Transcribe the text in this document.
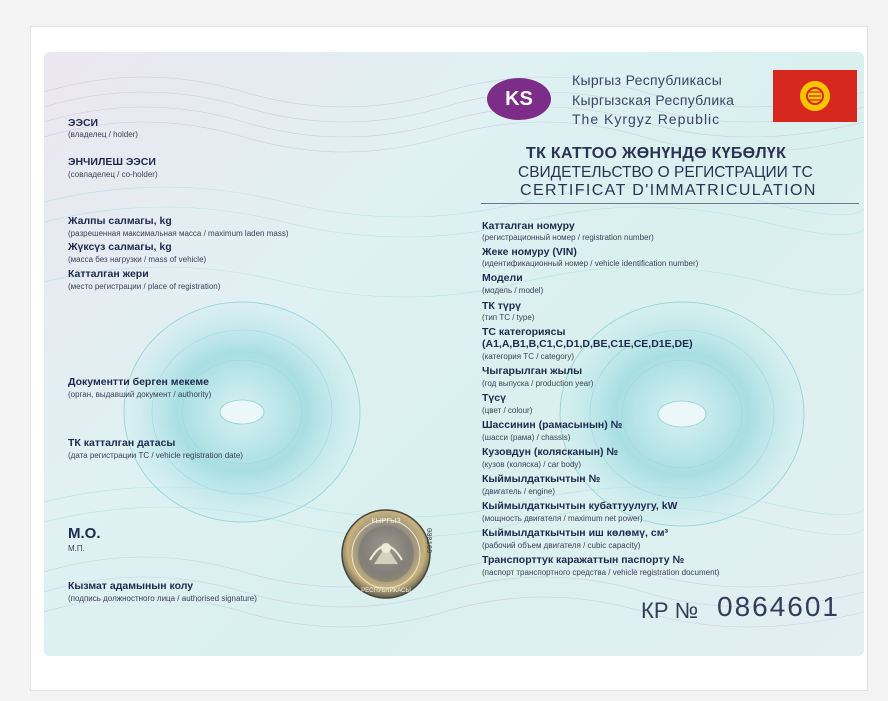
KS
Кыргыз Республикасы
Кыргызская Республика
The Kyrgyz Republic
ТК КАТТОО ЖӨНҮНДӨ КҮБӨЛҮК
СВИДЕТЕЛЬСТВО О РЕГИСТРАЦИИ ТС
CERTIFICAT D'IMMATRICULATION
ЭЭСИ
(владелец / holder)
ЭНЧИЛЕШ ЭЭСИ
(совладелец / co-holder)
Жалпы салмагы, kg
(разрешенная максимальная масса / maximum laden mass)
Жүксүз салмагы, kg
(масса без нагрузки / mass of vehicle)
Катталган жери
(место регистрации / place of registration)
Документти берген мекеме
(орган, выдавший документ / authority)
ТК катталган датасы
(дата регистрации ТС / vehicle registration date)
М.О.
М.П.
Кызмат адамынын колу
(подпись должностного лица / authorised signature)
КЫРГЫЗ
РЕСПУБЛИКАСЫ
000160
Катталган номуру
(регистрационный номер / registration number)
Жеке номуру (VIN)
(идентификационный номер / vehicle identification number)
Модели
(модель / model)
ТК түрү
(тип ТС / type)
ТС категориясы
(A1,A,B1,B,C1,C,D1,D,BE,C1E,CE,D1E,DE)
(категория ТС / category)
Чыгарылган жылы
(год выпуска / production year)
Түсү
(цвет / colour)
Шассинин (рамасынын) №
(шасси (рама) / chassis)
Кузовдун (колясканын) №
(кузов (коляска) / car body)
Кыймылдаткычтын №
(двигатель / engine)
Кыймылдаткычтын кубаттуулугу, kW
(мощность двигателя / maximum net power)
Кыймылдаткычтын иш көлөмү, см³
(рабочий объем двигателя / cubic capacity)
Транспорттук каражаттын паспорту №
(паспорт транспортного средства / vehicle registration document)
КР № 0864601
